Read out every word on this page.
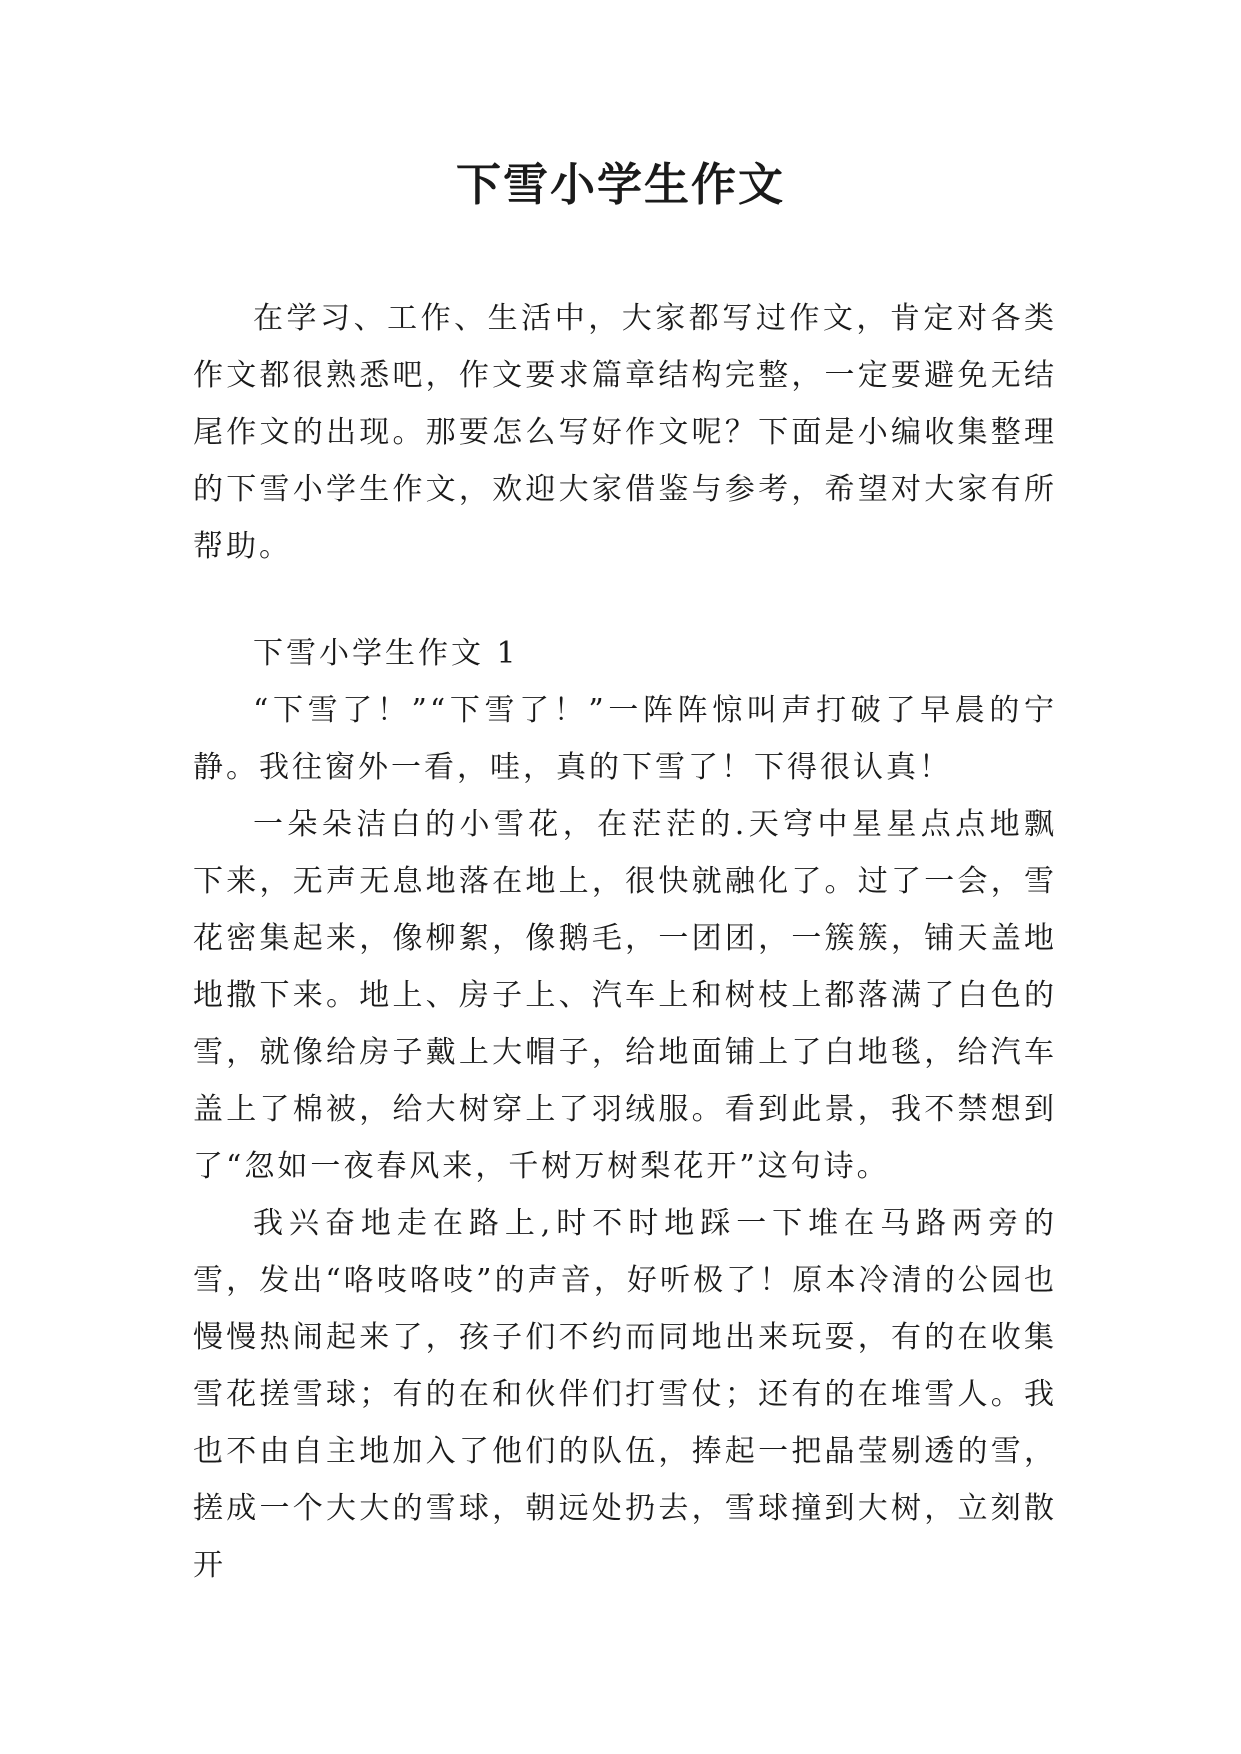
下雪小学生作文

在学习、工作、生活中，大家都写过作文，肯定对各类作文都很熟悉吧，作文要求篇章结构完整，一定要避免无结尾作文的出现。那要怎么写好作文呢？下面是小编收集整理的下雪小学生作文，欢迎大家借鉴与参考，希望对大家有所帮助。

下雪小学生作文 1

“下雪了！”“下雪了！”一阵阵惊叫声打破了早晨的宁静。我往窗外一看，哇，真的下雪了！下得很认真！

一朵朵洁白的小雪花，在茫茫的.天穹中星星点点地飘下来，无声无息地落在地上，很快就融化了。过了一会，雪花密集起来，像柳絮，像鹅毛，一团团，一簇簇，铺天盖地地撒下来。地上、房子上、汽车上和树枝上都落满了白色的雪，就像给房子戴上大帽子，给地面铺上了白地毯，给汽车盖上了棉被，给大树穿上了羽绒服。看到此景，我不禁想到了“忽如一夜春风来，千树万树梨花开”这句诗。

我兴奋地走在路上,时不时地踩一下堆在马路两旁的雪，发出“咯吱咯吱”的声音，好听极了！原本冷清的公园也慢慢热闹起来了，孩子们不约而同地出来玩耍，有的在收集雪花搓雪球；有的在和伙伴们打雪仗；还有的在堆雪人。我也不由自主地加入了他们的队伍，捧起一把晶莹剔透的雪，搓成一个大大的雪球，朝远处扔去，雪球撞到大树，立刻散开
